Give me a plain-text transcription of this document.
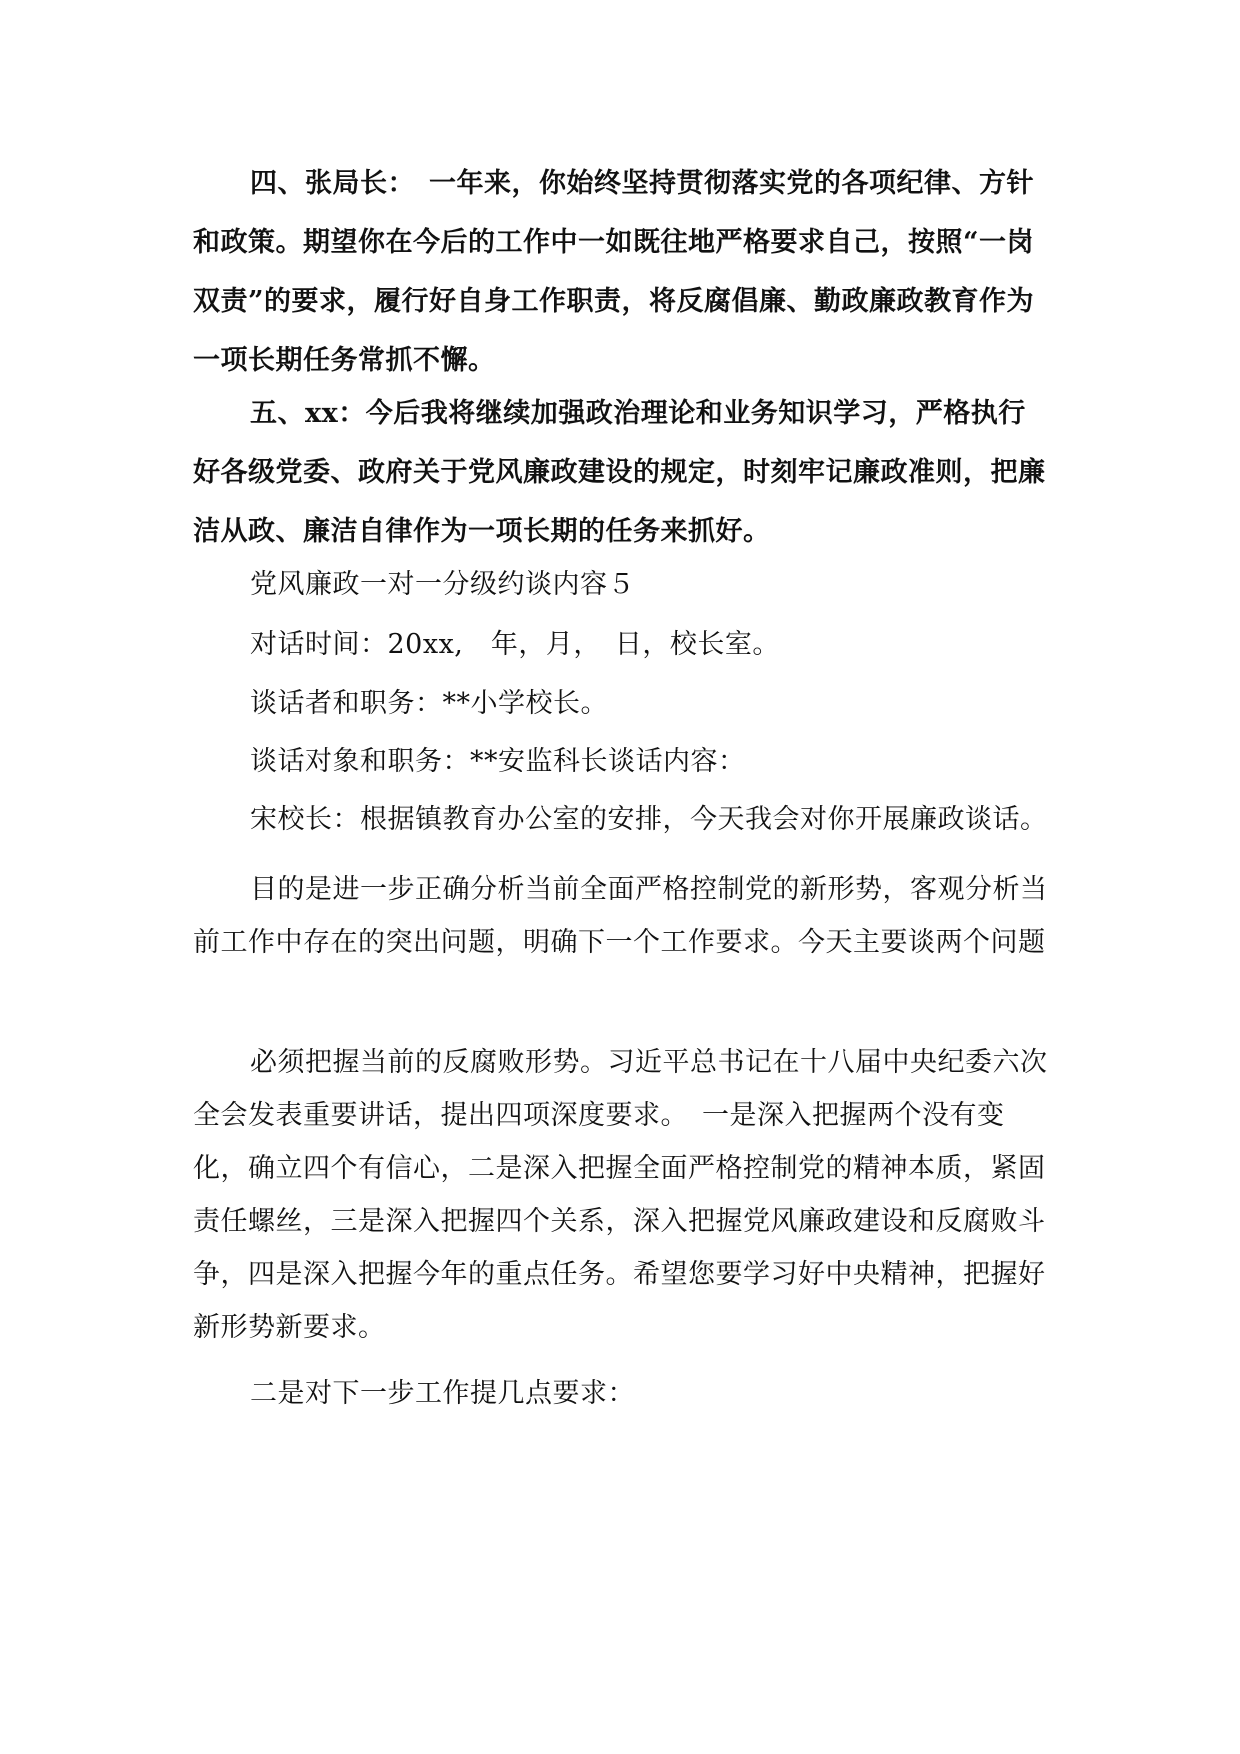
四、张局长：　一年来，你始终坚持贯彻落实党的各项纪律、方针和政策。期望你在今后的工作中一如既往地严格要求自己，按照“一岗双责”的要求，履行好自身工作职责，将反腐倡廉、勤政廉政教育作为一项长期任务常抓不懈。

五、xx：今后我将继续加强政治理论和业务知识学习，严格执行好各级党委、政府关于党风廉政建设的规定，时刻牢记廉政准则，把廉洁从政、廉洁自律作为一项长期的任务来抓好。

党风廉政一对一分级约谈内容５

对话时间：20xx,　年，月，　日，校长室。

谈话者和职务：**小学校长。

谈话对象和职务：**安监科长谈话内容：

宋校长：根据镇教育办公室的安排，今天我会对你开展廉政谈话。

目的是进一步正确分析当前全面严格控制党的新形势，客观分析当前工作中存在的突出问题，明确下一个工作要求。今天主要谈两个问题

必须把握当前的反腐败形势。习近平总书记在十八届中央纪委六次全会发表重要讲话，提出四项深度要求。　一是深入把握两个没有变化，确立四个有信心，二是深入把握全面严格控制党的精神本质，紧固责任螺丝，三是深入把握四个关系，深入把握党风廉政建设和反腐败斗争，四是深入把握今年的重点任务。希望您要学习好中央精神，把握好新形势新要求。

二是对下一步工作提几点要求：
